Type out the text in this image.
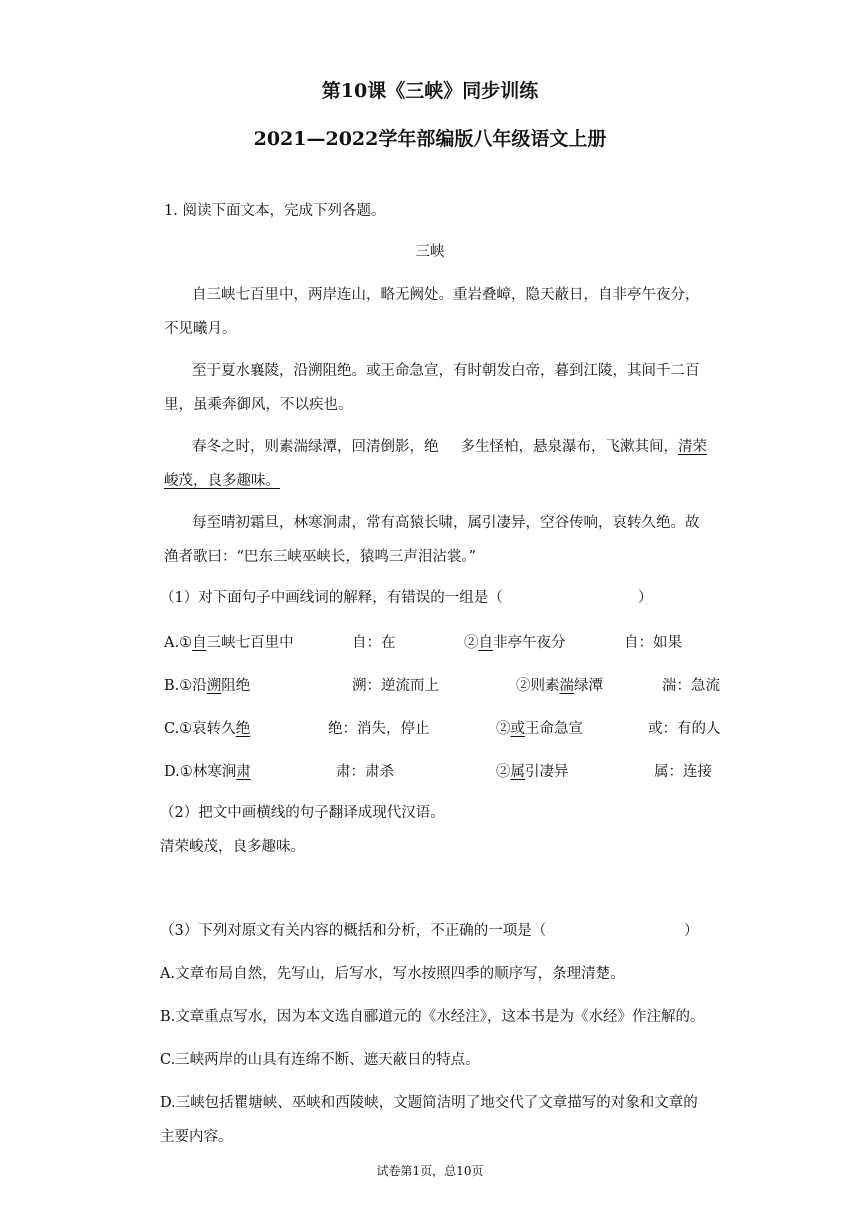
第10课《三峡》同步训练
2021—2022学年部编版八年级语文上册
1. 阅读下面文本，完成下列各题。
三峡
自三峡七百里中，两岸连山，略无阙处。重岩叠嶂，隐天蔽日，自非亭午夜分，
不见曦月。
至于夏水襄陵，沿溯阻绝。或王命急宣，有时朝发白帝，暮到江陵，其间千二百
里，虽乘奔御风，不以疾也。
春冬之时，则素湍绿潭，回清倒影，绝 多生怪柏，悬泉瀑布，飞漱其间，清荣
峻茂，良多趣味。
每至晴初霜旦，林寒涧肃，常有高猿长啸，属引凄异，空谷传响，哀转久绝。故
渔者歌曰：“巴东三峡巫峡长，猿鸣三声泪沾裳。”
（1）对下面句子中画线词的解释，有错误的一组是（	）
A.①自三峡七百里中	自：在	②自非亭午夜分	自：如果
B.①沿溯阻绝	溯：逆流而上	②则素湍绿潭	湍：急流
C.①哀转久绝	绝：消失，停止	②或王命急宣	或：有的人
D.①林寒涧肃	肃：肃杀	②属引凄异	属：连接
（2）把文中画横线的句子翻译成现代汉语。
清荣峻茂，良多趣味。
（3）下列对原文有关内容的概括和分析，不正确的一项是（	）
A.文章布局自然，先写山，后写水，写水按照四季的顺序写，条理清楚。
B.文章重点写水，因为本文选自郦道元的《水经注》，这本书是为《水经》作注解的。
C.三峡两岸的山具有连绵不断、遮天蔽日的特点。
D.三峡包括瞿塘峡、巫峡和西陵峡，文题简洁明了地交代了文章描写的对象和文章的
主要内容。
试卷第1页，总10页
